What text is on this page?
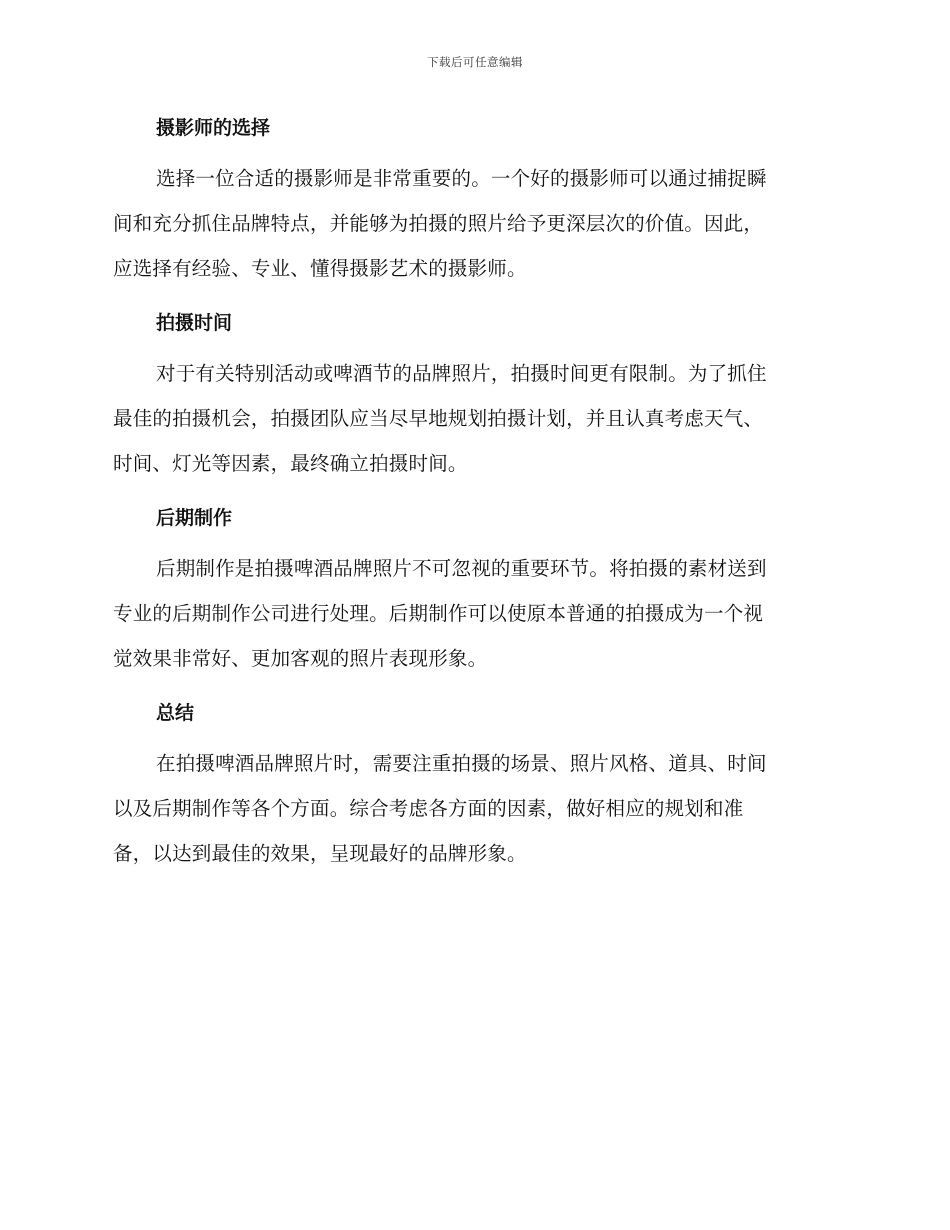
下载后可任意编辑
摄影师的选择

选择一位合适的摄影师是非常重要的。一个好的摄影师可以通过捕捉瞬
间和充分抓住品牌特点，并能够为拍摄的照片给予更深层次的价值。因此，
应选择有经验、专业、懂得摄影艺术的摄影师。

拍摄时间

对于有关特别活动或啤酒节的品牌照片，拍摄时间更有限制。为了抓住
最佳的拍摄机会，拍摄团队应当尽早地规划拍摄计划，并且认真考虑天气、
时间、灯光等因素，最终确立拍摄时间。

后期制作

后期制作是拍摄啤酒品牌照片不可忽视的重要环节。将拍摄的素材送到
专业的后期制作公司进行处理。后期制作可以使原本普通的拍摄成为一个视
觉效果非常好、更加客观的照片表现形象。

总结

在拍摄啤酒品牌照片时，需要注重拍摄的场景、照片风格、道具、时间
以及后期制作等各个方面。综合考虑各方面的因素，做好相应的规划和准
备，以达到最佳的效果，呈现最好的品牌形象。
